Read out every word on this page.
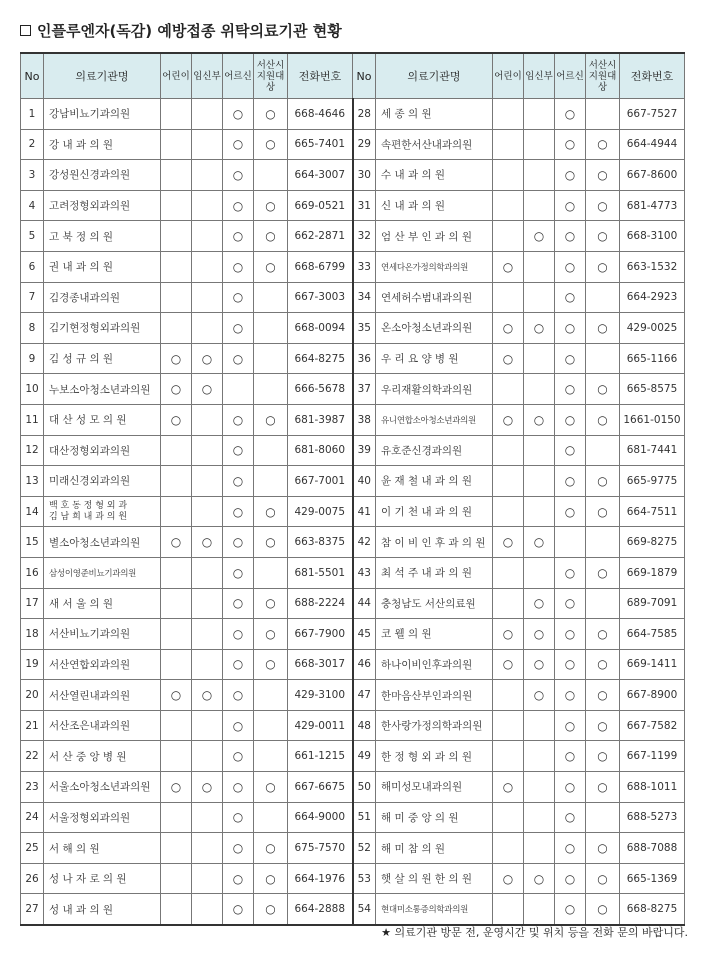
인플루엔자(독감) 예방접종 위탁의료기관 현황
No	의료기관명	어린이	임신부	어르신	서산시
지원대상	전화번호	No	의료기관명	어린이	임신부	어르신	서산시
지원대상	전화번호
1	강남비뇨기과의원			○	○	668-4646	28	세 종 의 원			○		667-7527
2	강 내 과 의 원			○	○	665-7401	29	속편한서산내과의원			○	○	664-4944
3	강성원신경과의원			○		664-3007	30	수 내 과 의 원			○	○	667-8600
4	고려정형외과의원			○	○	669-0521	31	신 내 과 의 원			○	○	681-4773
5	고 북 정 의 원			○	○	662-2871	32	엄 산 부 인 과 의 원		○	○	○	668-3100
6	권 내 과 의 원			○	○	668-6799	33	연세다온가정의학과의원	○		○	○	663-1532
7	김경종내과의원			○		667-3003	34	연세허수범내과의원			○		664-2923
8	김기현정형외과의원			○		668-0094	35	온소아청소년과의원	○	○	○	○	429-0025
9	김 성 규 의 원	○	○	○		664-8275	36	우 리 요 양 병 원	○		○		665-1166
10	누보소아청소년과의원	○	○			666-5678	37	우리재활의학과의원			○	○	665-8575
11	대 산 성 모 의 원	○		○	○	681-3987	38	유니연합소아청소년과의원	○	○	○	○	1661-0150
12	대산정형외과의원			○		681-8060	39	유호준신경과의원			○		681-7441
13	미래신경외과의원			○		667-7001	40	윤 재 철 내 과 의 원			○	○	665-9775
14	백 호 동 정 형 외 과
김 남 희 내 과 의 원			○	○	429-0075	41	이 기 천 내 과 의 원			○	○	664-7511
15	별소아청소년과의원	○	○	○	○	663-8375	42	참 이 비 인 후 과 의 원	○	○			669-8275
16	삼성이영준비뇨기과의원			○		681-5501	43	최 석 주 내 과 의 원			○	○	669-1879
17	새 서 울 의 원			○	○	688-2224	44	충청남도 서산의료원		○	○		689-7091
18	서산비뇨기과의원			○	○	667-7900	45	코 웰 의 원	○	○	○	○	664-7585
19	서산연합외과의원			○	○	668-3017	46	하나이비인후과의원	○	○	○	○	669-1411
20	서산열린내과의원	○	○	○		429-3100	47	한마음산부인과의원		○	○	○	667-8900
21	서산조은내과의원			○		429-0011	48	한사랑가정의학과의원			○	○	667-7582
22	서 산 중 앙 병 원			○		661-1215	49	한 정 형 외 과 의 원			○	○	667-1199
23	서울소아청소년과의원	○	○	○	○	667-6675	50	해미성모내과의원	○		○	○	688-1011
24	서울정형외과의원			○		664-9000	51	해 미 중 앙 의 원			○		688-5273
25	서 해 의 원			○	○	675-7570	52	해 미 참 의 원			○	○	688-7088
26	성 나 자 로 의 원			○	○	664-1976	53	햇 살 의 원 한 의 원	○	○	○	○	665-1369
27	성 내 과 의 원			○	○	664-2888	54	현대미소통증의학과의원			○	○	668-8275
★ 의료기관 방문 전, 운영시간 및 위치 등을 전화 문의 바랍니다.
